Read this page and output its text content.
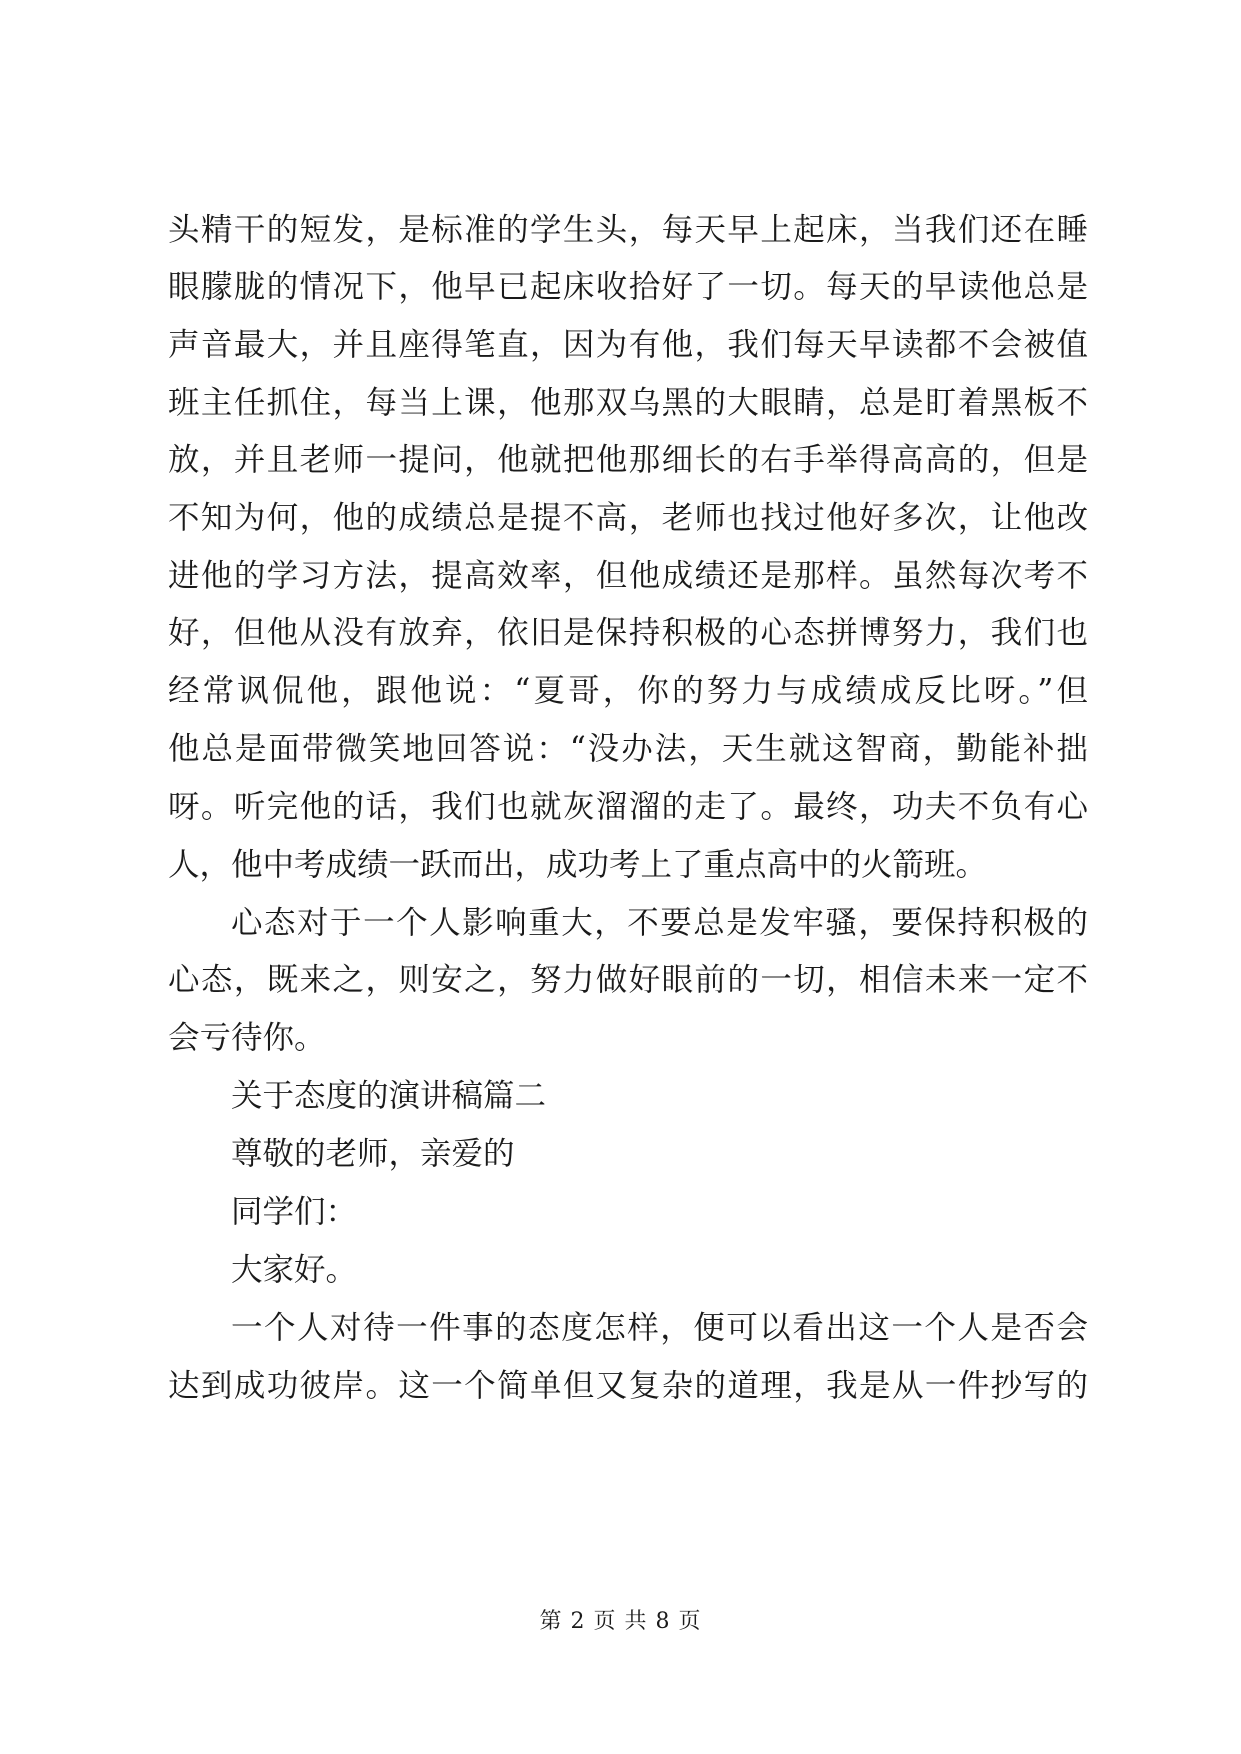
头精干的短发，是标准的学生头，每天早上起床，当我们还在睡
眼朦胧的情况下，他早已起床收拾好了一切。每天的早读他总是
声音最大，并且座得笔直，因为有他，我们每天早读都不会被值
班主任抓住，每当上课，他那双乌黑的大眼睛，总是盯着黑板不
放，并且老师一提问，他就把他那细长的右手举得高高的，但是
不知为何，他的成绩总是提不高，老师也找过他好多次，让他改
进他的学习方法，提高效率，但他成绩还是那样。虽然每次考不
好，但他从没有放弃，依旧是保持积极的心态拼博努力，我们也
经常讽侃他，跟他说：“夏哥，你的努力与成绩成反比呀。”但
他总是面带微笑地回答说：“没办法，天生就这智商，勤能补拙
呀。听完他的话，我们也就灰溜溜的走了。最终，功夫不负有心
人，他中考成绩一跃而出，成功考上了重点高中的火箭班。
心态对于一个人影响重大，不要总是发牢骚，要保持积极的
心态，既来之，则安之，努力做好眼前的一切，相信未来一定不
会亏待你。
关于态度的演讲稿篇二
尊敬的老师，亲爱的
同学们：
大家好。
一个人对待一件事的态度怎样，便可以看出这一个人是否会
达到成功彼岸。这一个简单但又复杂的道理，我是从一件抄写的
第 2 页 共 8 页
